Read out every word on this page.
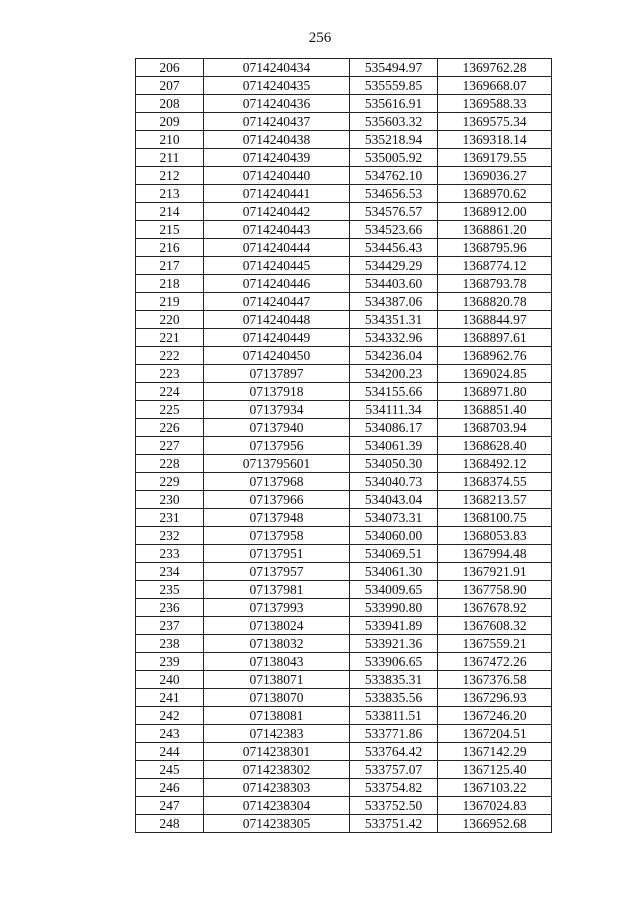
256
206	0714240434	535494.97	1369762.28
207	0714240435	535559.85	1369668.07
208	0714240436	535616.91	1369588.33
209	0714240437	535603.32	1369575.34
210	0714240438	535218.94	1369318.14
211	0714240439	535005.92	1369179.55
212	0714240440	534762.10	1369036.27
213	0714240441	534656.53	1368970.62
214	0714240442	534576.57	1368912.00
215	0714240443	534523.66	1368861.20
216	0714240444	534456.43	1368795.96
217	0714240445	534429.29	1368774.12
218	0714240446	534403.60	1368793.78
219	0714240447	534387.06	1368820.78
220	0714240448	534351.31	1368844.97
221	0714240449	534332.96	1368897.61
222	0714240450	534236.04	1368962.76
223	07137897	534200.23	1369024.85
224	07137918	534155.66	1368971.80
225	07137934	534111.34	1368851.40
226	07137940	534086.17	1368703.94
227	07137956	534061.39	1368628.40
228	0713795601	534050.30	1368492.12
229	07137968	534040.73	1368374.55
230	07137966	534043.04	1368213.57
231	07137948	534073.31	1368100.75
232	07137958	534060.00	1368053.83
233	07137951	534069.51	1367994.48
234	07137957	534061.30	1367921.91
235	07137981	534009.65	1367758.90
236	07137993	533990.80	1367678.92
237	07138024	533941.89	1367608.32
238	07138032	533921.36	1367559.21
239	07138043	533906.65	1367472.26
240	07138071	533835.31	1367376.58
241	07138070	533835.56	1367296.93
242	07138081	533811.51	1367246.20
243	07142383	533771.86	1367204.51
244	0714238301	533764.42	1367142.29
245	0714238302	533757.07	1367125.40
246	0714238303	533754.82	1367103.22
247	0714238304	533752.50	1367024.83
248	0714238305	533751.42	1366952.68
